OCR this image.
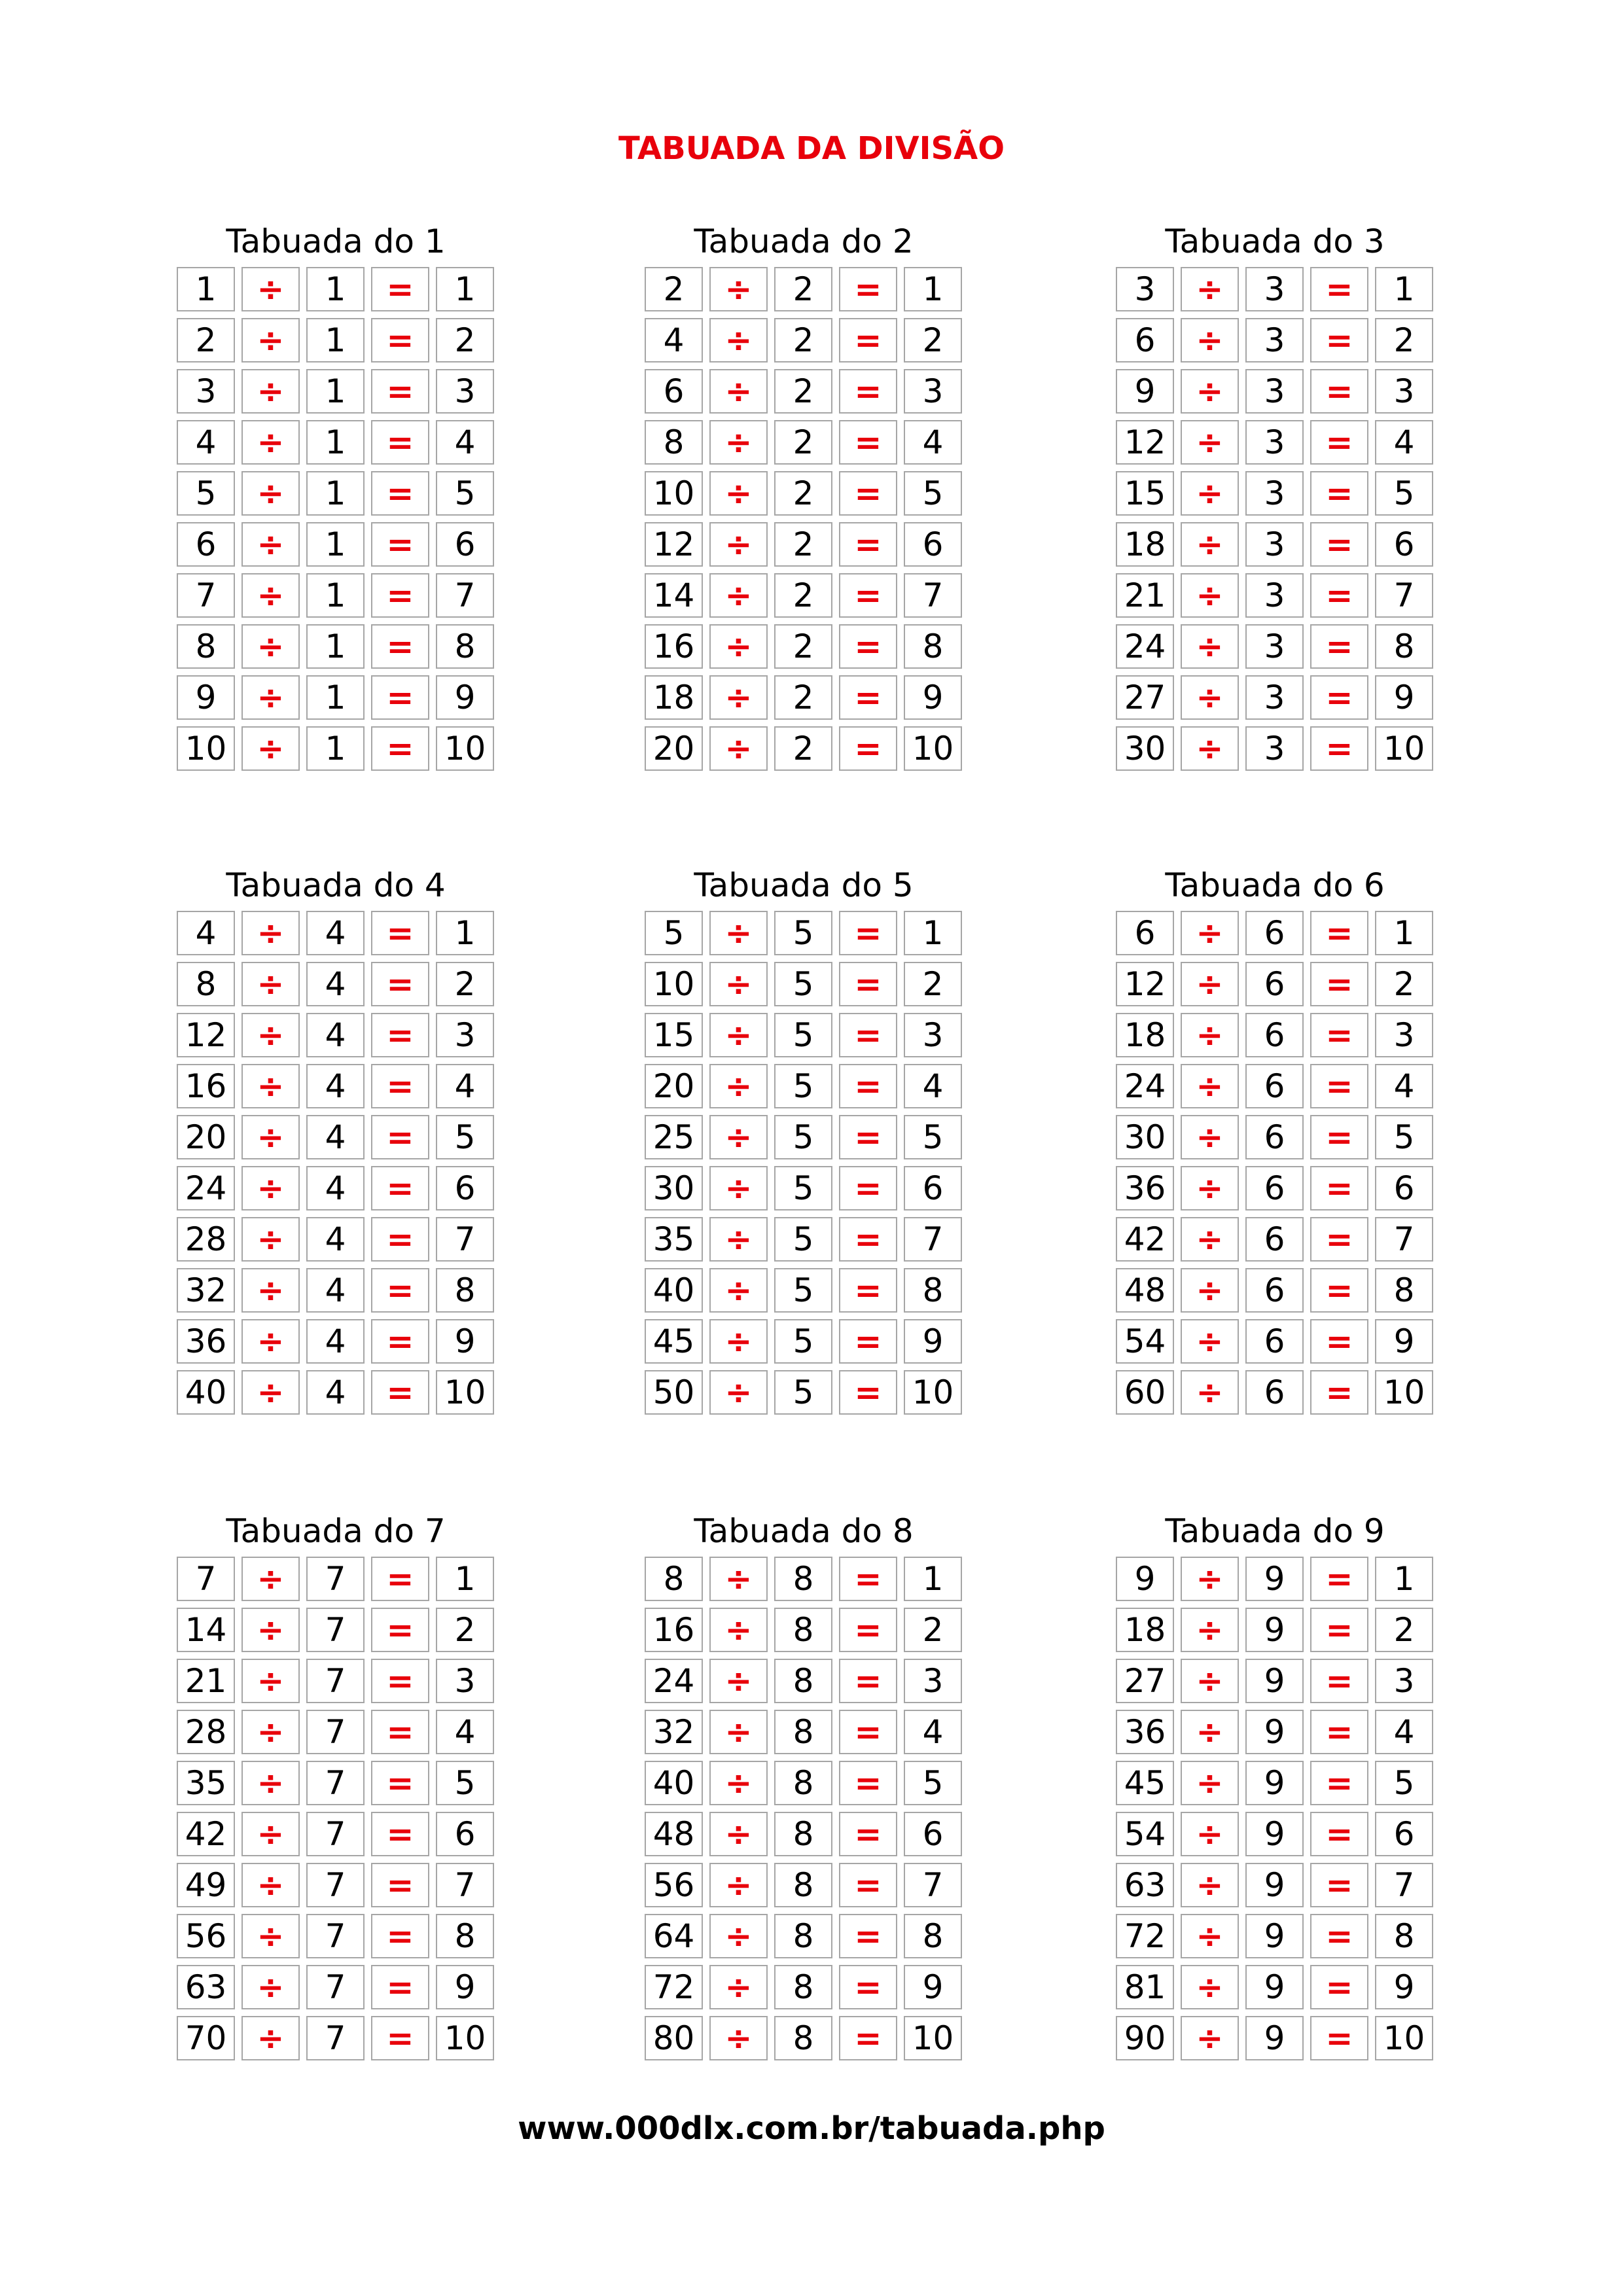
TABUADA DA DIVISÃO
Tabuada do 1
1	÷	1	=	1
2	÷	1	=	2
3	÷	1	=	3
4	÷	1	=	4
5	÷	1	=	5
6	÷	1	=	6
7	÷	1	=	7
8	÷	1	=	8
9	÷	1	=	9
10 ÷	1	= 10
Tabuada do 2
2	÷	2	=	1
4	÷	2	=	2
6	÷	2	=	3
8	÷	2	=	4
10 ÷	2	=	5
12 ÷	2	=	6
14 ÷	2	=	7
16 ÷	2	=	8
18 ÷	2	=	9
20 ÷	2	= 10
Tabuada do 3
3	÷	3	=	1
6	÷	3	=	2
9	÷	3	=	3
12 ÷	3	=	4
15 ÷	3	=	5
18 ÷	3	=	6
21 ÷	3	=	7
24 ÷	3	=	8
27 ÷	3	=	9
30 ÷	3	= 10
Tabuada do 4
4	÷	4	=	1
8	÷	4	=	2
12 ÷	4	=	3
16 ÷	4	=	4
20 ÷	4	=	5
24 ÷	4	=	6
28 ÷	4	=	7
32 ÷	4	=	8
36 ÷	4	=	9
40 ÷	4	= 10
Tabuada do 5
5	÷	5	=	1
10 ÷	5	=	2
15 ÷	5	=	3
20 ÷	5	=	4
25 ÷	5	=	5
30 ÷	5	=	6
35 ÷	5	=	7
40 ÷	5	=	8
45 ÷	5	=	9
50 ÷	5	= 10
Tabuada do 6
6	÷	6	=	1
12 ÷	6	=	2
18 ÷	6	=	3
24 ÷	6	=	4
30 ÷	6	=	5
36 ÷	6	=	6
42 ÷	6	=	7
48 ÷	6	=	8
54 ÷	6	=	9
60 ÷	6	= 10
Tabuada do 7
7	÷	7	=	1
14 ÷	7	=	2
21 ÷	7	=	3
28 ÷	7	=	4
35 ÷	7	=	5
42 ÷	7	=	6
49 ÷	7	=	7
56 ÷	7	=	8
63 ÷	7	=	9
70 ÷	7	= 10
Tabuada do 8
8	÷	8	=	1
16 ÷	8	=	2
24 ÷	8	=	3
32 ÷	8	=	4
40 ÷	8	=	5
48 ÷	8	=	6
56 ÷	8	=	7
64 ÷	8	=	8
72 ÷	8	=	9
80 ÷	8	= 10
Tabuada do 9
9	÷	9	=	1
18 ÷	9	=	2
27 ÷	9	=	3
36 ÷	9	=	4
45 ÷	9	=	5
54 ÷	9	=	6
63 ÷	9	=	7
72 ÷	9	=	8
81 ÷	9	=	9
90 ÷	9	= 10
www.000dlx.com.br/tabuada.php
